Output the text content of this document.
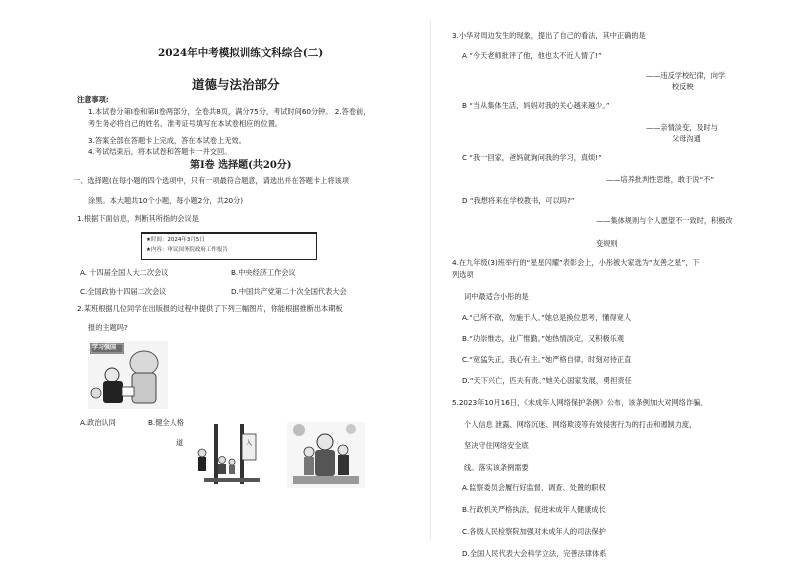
2024年中考模拟训练文科综合(二)
道德与法治部分
注意事项:
1.本试卷分第I卷和第II卷两部分，全卷共8页，满分75分，考试时间60分钟。 2.答卷前，
考生务必将自己的姓名、准考证号填写在本试卷相应的位置。
3.答案全部在答题卡上完成，答在本试卷上无效。
4.考试结束后，将本试卷和答题卡一并交回。
第I卷 选择题(共20分)
一、选择题(在每小题的四个选项中，只有一项最符合题意，请选出并在答题卡上将该项
涂黑。本大题共10个小题，每小题2分，共20分)
1.根据下面信息，判断其所指的会议是
★时间：2024年3月5日
★内容：审议国务院政府工作报告
A. 十四届全国人大二次会议	B.中央经济工作会议
C.全国政协十四届二次会议	D.中国共产党第二十次全国代表大会
2.某班根据几位同学在出版报的过程中提供了下列三幅图片，你能根据推断出本期板
报的主题吗?
学习强国
入
A.政治认同	B.健全人格
道
3.小华对周边发生的现象，提出了自己的看法，其中正确的是
A “今天老师批评了他，他也太不近人情了!”
——违反学校纪律，向学
校反映
B “当从集体生活，妈妈对我的关心越来越少。”
——亲情淡变，及时与
父母沟通
C “我一回家，爸妈就询问我的学习，真烦!”
——培养批判性思维，敢于说“不”
D “我想将来在学校教书，可以吗?”
——集体规则与个人愿望不一致时，积极改
变规则
4.在九年级(3)班举行的“星星闪耀”表彰会上，小彤被大家选为“友善之星”，下
列选项
词中最适合小彤的是
A.“己所不欲，勿施于人。”她总是换位思考，懂得宽人
B.“功崇惟志，业广惟勤。”她热情淡定，又积极乐观
C.“宽猛失正，我心有主。”她严格自律，时刻对待正直
D.“天下兴亡，匹夫有责。”她关心国家发展，勇担责任
5.2023年10月16日，《未成年人网络保护条例》公布，该条例加大对网络诈骗、
个人信息 泄露、网络沉迷、网络欺凌等有效侵害行为的打击和遏制力度，
坚决守住网络安全底
线。落实该条例需要
A.监察委员会履行好监督、调查、处置的职权
B.行政机关严格执法，促进未成年人健康成长
C.各级人民检察院加强对未成年人的司法保护
D.全国人民代表大会科学立法，完善法律体系
